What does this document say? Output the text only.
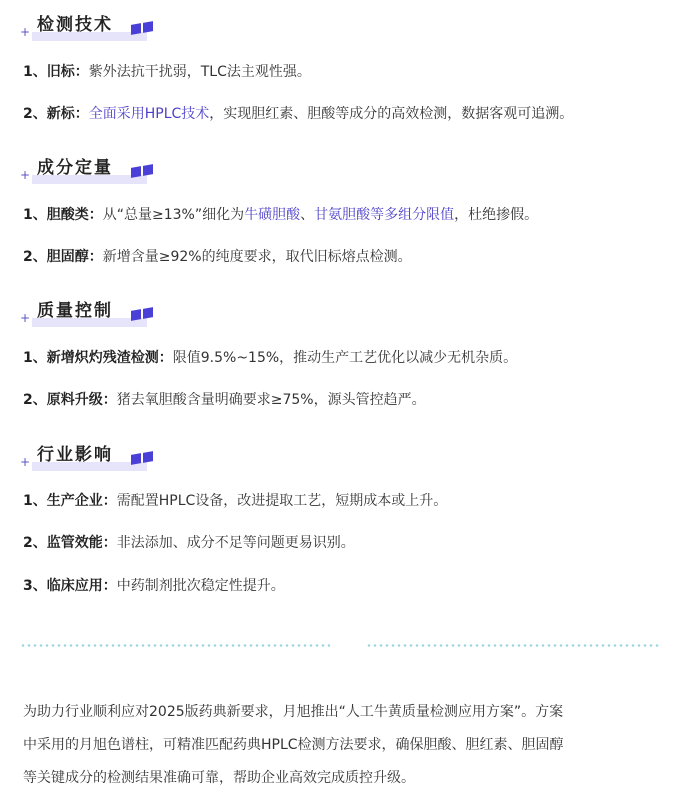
+ 检测技术
1、旧标：紫外法抗干扰弱，TLC法主观性强。
2、新标：全面采用HPLC技术，实现胆红素、胆酸等成分的高效检测，数据客观可追溯。
+ 成分定量
1、胆酸类：从“总量≥13%”细化为牛磺胆酸、甘氨胆酸等多组分限值，杜绝掺假。
2、胆固醇：新增含量≥92%的纯度要求，取代旧标熔点检测。
+ 质量控制
1、新增炽灼残渣检测：限值9.5%~15%，推动生产工艺优化以减少无机杂质。
2、原料升级：猪去氧胆酸含量明确要求≥75%，源头管控趋严。
+ 行业影响
1、生产企业：需配置HPLC设备，改进提取工艺，短期成本或上升。
2、监管效能：非法添加、成分不足等问题更易识别。
3、临床应用：中药制剂批次稳定性提升。

为助力行业顺利应对2025版药典新要求，月旭推出“人工牛黄质量检测应用方案”。方案
中采用的月旭色谱柱，可精准匹配药典HPLC检测方法要求，确保胆酸、胆红素、胆固醇
等关键成分的检测结果准确可靠，帮助企业高效完成质控升级。
